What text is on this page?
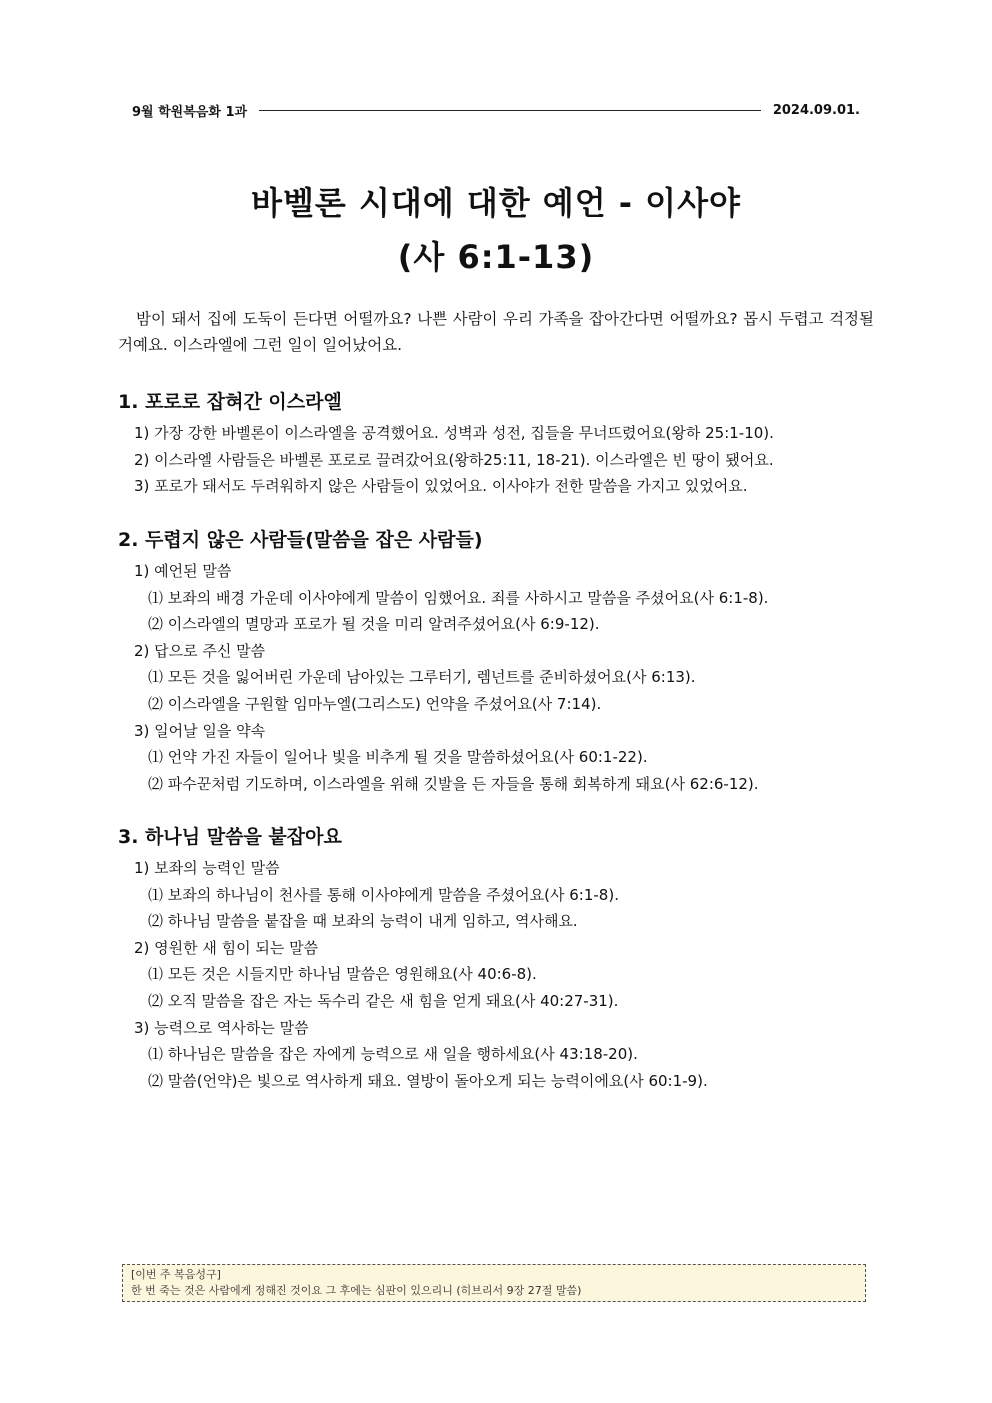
9월 학원복음화 1과	2024.09.01.
바벨론 시대에 대한 예언 - 이사야
(사 6:1-13)

밤이 돼서 집에 도둑이 든다면 어떨까요? 나쁜 사람이 우리 가족을 잡아간다면 어떨까요? 몹시 두렵고 걱정될 거예요. 이스라엘에 그런 일이 일어났어요.

1. 포로로 잡혀간 이스라엘
1) 가장 강한 바벨론이 이스라엘을 공격했어요. 성벽과 성전, 집들을 무너뜨렸어요(왕하 25:1-10).
2) 이스라엘 사람들은 바벨론 포로로 끌려갔어요(왕하25:11, 18-21). 이스라엘은 빈 땅이 됐어요.
3) 포로가 돼서도 두려워하지 않은 사람들이 있었어요. 이사야가 전한 말씀을 가지고 있었어요.
2. 두렵지 않은 사람들(말씀을 잡은 사람들)
1) 예언된 말씀
⑴ 보좌의 배경 가운데 이사야에게 말씀이 임했어요. 죄를 사하시고 말씀을 주셨어요(사 6:1-8).
⑵ 이스라엘의 멸망과 포로가 될 것을 미리 알려주셨어요(사 6:9-12).
2) 답으로 주신 말씀
⑴ 모든 것을 잃어버린 가운데 남아있는 그루터기, 렘넌트를 준비하셨어요(사 6:13).
⑵ 이스라엘을 구원할 임마누엘(그리스도) 언약을 주셨어요(사 7:14).
3) 일어날 일을 약속
⑴ 언약 가진 자들이 일어나 빛을 비추게 될 것을 말씀하셨어요(사 60:1-22).
⑵ 파수꾼처럼 기도하며, 이스라엘을 위해 깃발을 든 자들을 통해 회복하게 돼요(사 62:6-12).
3. 하나님 말씀을 붙잡아요
1) 보좌의 능력인 말씀
⑴ 보좌의 하나님이 천사를 통해 이사야에게 말씀을 주셨어요(사 6:1-8).
⑵ 하나님 말씀을 붙잡을 때 보좌의 능력이 내게 임하고, 역사해요.
2) 영원한 새 힘이 되는 말씀
⑴ 모든 것은 시들지만 하나님 말씀은 영원해요(사 40:6-8).
⑵ 오직 말씀을 잡은 자는 독수리 같은 새 힘을 얻게 돼요(사 40:27-31).
3) 능력으로 역사하는 말씀
⑴ 하나님은 말씀을 잡은 자에게 능력으로 새 일을 행하세요(사 43:18-20).
⑵ 말씀(언약)은 빛으로 역사하게 돼요. 열방이 돌아오게 되는 능력이에요(사 60:1-9).
[이번 주 복음성구]
한 번 죽는 것은 사람에게 정해진 것이요 그 후에는 심판이 있으리니 (히브리서 9장 27절 말씀)
